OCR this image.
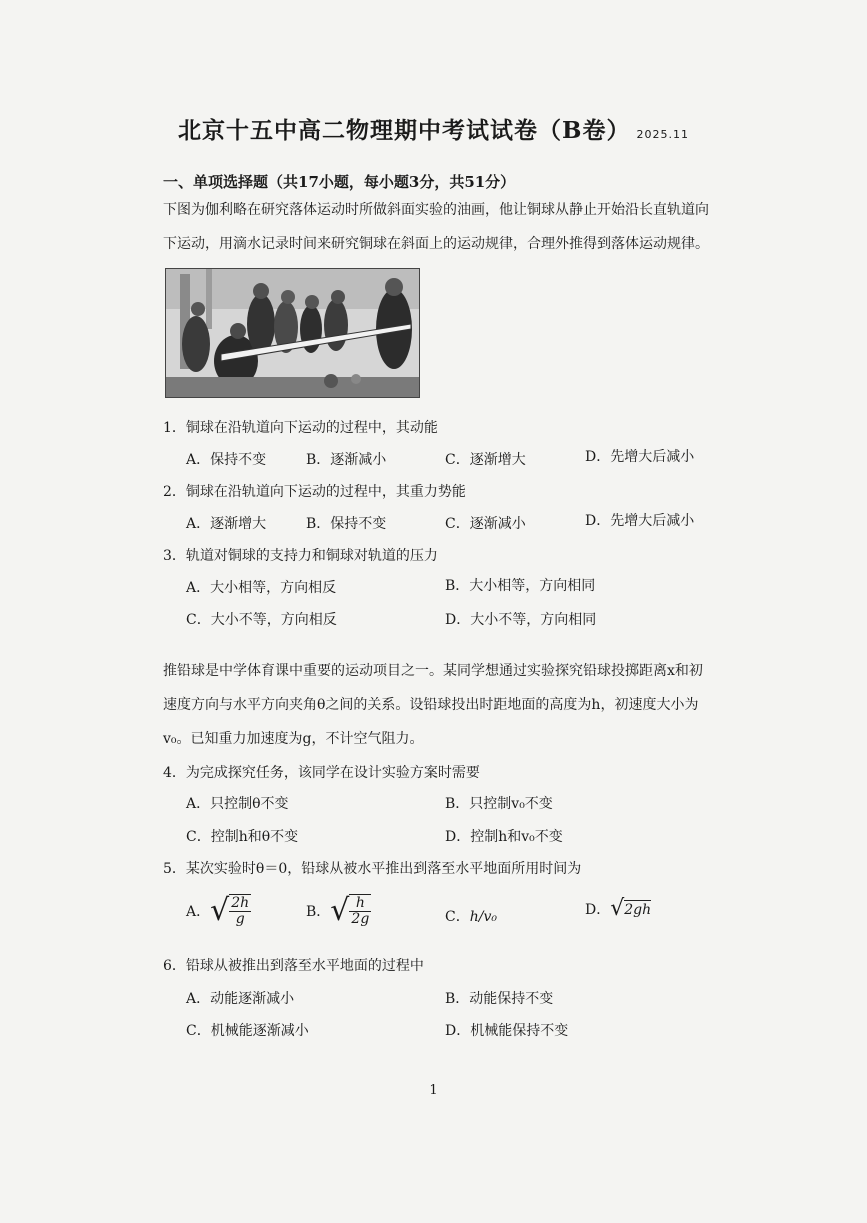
北京十五中高二物理期中考试试卷（B卷） 2025.11
一、单项选择题（共17小题，每小题3分，共51分）
下图为伽利略在研究落体运动时所做斜面实验的油画，他让铜球从静止开始沿长直轨道向
下运动，用滴水记录时间来研究铜球在斜面上的运动规律，合理外推得到落体运动规律。
1．铜球在沿轨道向下运动的过程中，其动能
A．保持不变	B．逐渐减小	C．逐渐增大	D．先增大后减小
2．铜球在沿轨道向下运动的过程中，其重力势能
A．逐渐增大	B．保持不变	C．逐渐减小	D．先增大后减小
3．轨道对铜球的支持力和铜球对轨道的压力
A．大小相等，方向相反	B．大小相等，方向相同
C．大小不等，方向相反	D．大小不等，方向相同
推铅球是中学体育课中重要的运动项目之一。某同学想通过实验探究铅球投掷距离x和初
速度方向与水平方向夹角θ之间的关系。设铅球投出时距地面的高度为h，初速度大小为
v₀。已知重力加速度为g，不计空气阻力。
4．为完成探究任务，该同学在设计实验方案时需要
A．只控制θ不变	B．只控制v₀不变
C．控制h和θ不变	D．控制h和v₀不变
5．某次实验时θ＝0，铅球从被水平推出到落至水平地面所用时间为
A． √ $\frac{2h}{g}$	B． √ $\frac{h}{2g}$	C．h/v₀	D． √ 2gh
6．铅球从被推出到落至水平地面的过程中
A．动能逐渐减小	B．动能保持不变
C．机械能逐渐减小	D．机械能保持不变
1
